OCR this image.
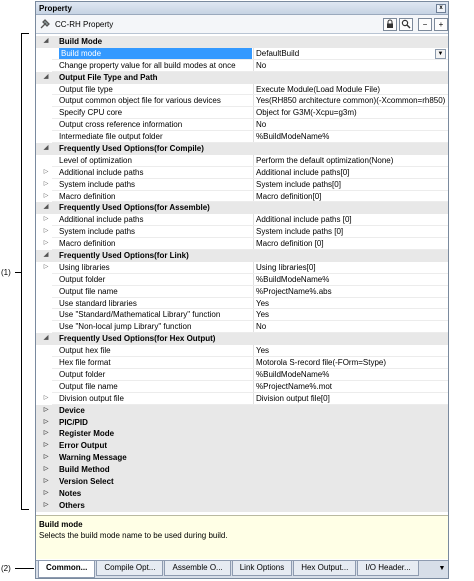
(1)
(2)
Property	x
CC-RH Property	−	+
◢ Build Mode
Build mode	DefaultBuild	▼
Change property value for all build modes at once	No
◢ Output File Type and Path
Output file type	Execute Module(Load Module File)
Output common object file for various devices	Yes(RH850 architecture common)(-Xcommon=rh850)
Specify CPU core	Object for G3M(-Xcpu=g3m)
Output cross reference information	No
Intermediate file output folder	%BuildModeName%
◢ Frequently Used Options(for Compile)
Level of optimization	Perform the default optimization(None)
▷ Additional include paths	Additional include paths[0]
▷ System include paths	System include paths[0]
▷ Macro definition	Macro definition[0]
◢ Frequently Used Options(for Assemble)
▷ Additional include paths	Additional include paths [0]
▷ System include paths	System include paths [0]
▷ Macro definition	Macro definition [0]
◢ Frequently Used Options(for Link)
▷ Using libraries	Using libraries[0]
Output folder	%BuildModeName%
Output file name	%ProjectName%.abs
Use standard libraries	Yes
Use "Standard/Mathematical Library" function	Yes
Use "Non-local jump Library" function	No
◢ Frequently Used Options(for Hex Output)
Output hex file	Yes
Hex file format	Motorola S-record file(-FOrm=Stype)
Output folder	%BuildModeName%
Output file name	%ProjectName%.mot
▷ Division output file	Division output file[0]
▷ Device
▷ PIC/PID
▷ Register Mode
▷ Error Output
▷ Warning Message
▷ Build Method
▷ Version Select
▷ Notes
▷ Others
Build mode
Selects the build mode name to be used during build.
Common...	Compile Opt...	Assemble O...	Link Options	Hex Output...	I/O Header...	▼
